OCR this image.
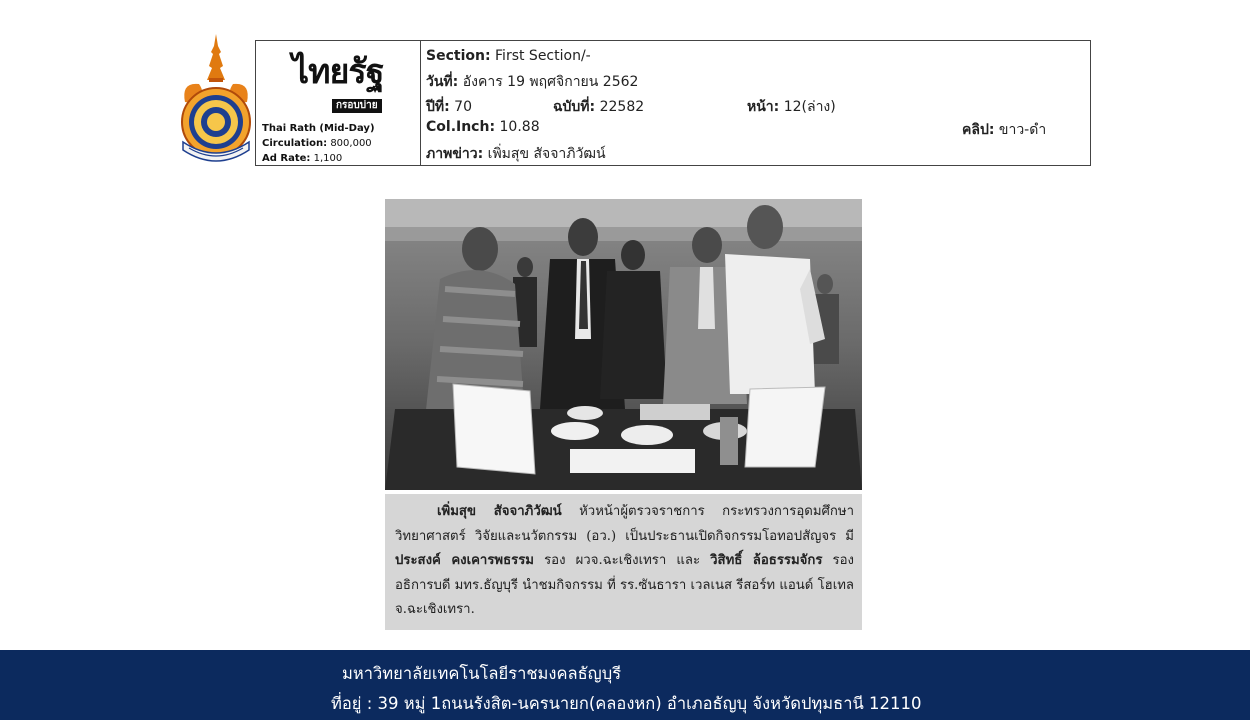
ไทยรัฐ
กรอบบ่าย
Thai Rath (Mid-Day)
Circulation: 800,000
Ad Rate: 1,100
Section: First Section/-
วันที่: อังคาร 19 พฤศจิกายน 2562
ปีที่: 70	ฉบับที่: 22582	หน้า: 12(ล่าง)
Col.Inch: 10.88	คลิป: ขาว-ดำ
ภาพข่าว: เพิ่มสุข สัจจาภิวัฒน์

เพิ่มสุข สัจจาภิวัฒน์ หัวหน้าผู้ตรวจราชการ กระทรวงการอุดมศึกษา วิทยาศาสตร์ วิจัยและนวัตกรรม (อว.) เป็นประธานเปิดกิจกรรมโอทอปสัญจร มี ประสงค์ คงเคารพธรรม รอง ผวจ.ฉะเชิงเทรา และ วิสิทธิ์ ล้อธรรมจักร รองอธิการบดี มทร.ธัญบุรี นำชมกิจกรรม ที่ รร.ซันธารา เวลเนส รีสอร์ท แอนด์ โฮเทล จ.ฉะเชิงเทรา.

มหาวิทยาลัยเทคโนโลยีราชมงคลธัญบุรี
ที่อยู่ : 39 หมู่ 1ถนนรังสิต-นครนายก(คลองหก) อำเภอธัญบุ จังหวัดปทุมธานี 12110
